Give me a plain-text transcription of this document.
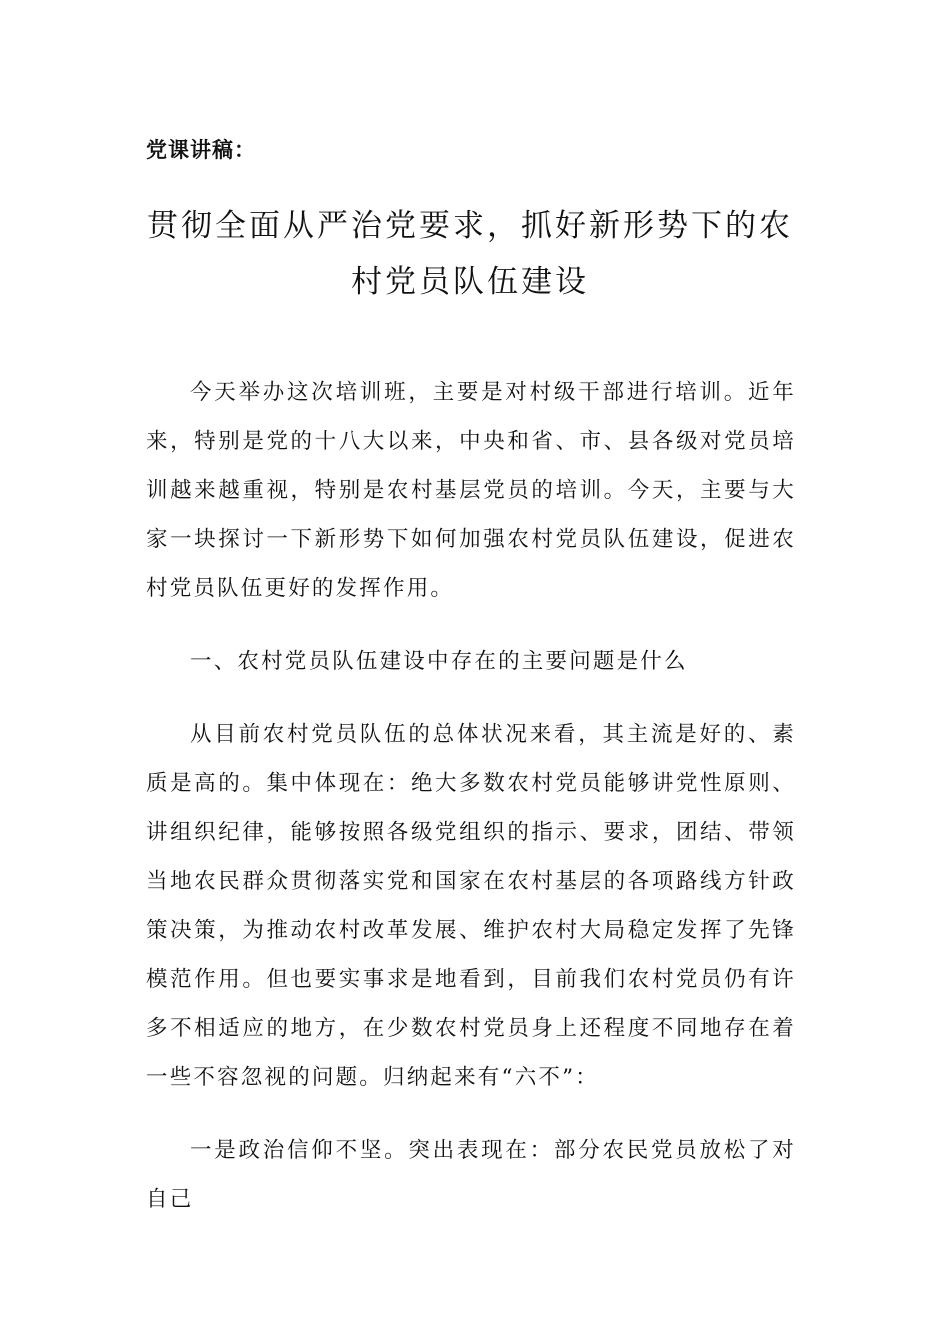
党课讲稿：

贯彻全面从严治党要求，抓好新形势下的农村党员队伍建设

今天举办这次培训班，主要是对村级干部进行培训。近年来，特别是党的十八大以来，中央和省、市、县各级对党员培训越来越重视，特别是农村基层党员的培训。今天，主要与大家一块探讨一下新形势下如何加强农村党员队伍建设，促进农村党员队伍更好的发挥作用。

一、农村党员队伍建设中存在的主要问题是什么

从目前农村党员队伍的总体状况来看，其主流是好的、素质是高的。集中体现在：绝大多数农村党员能够讲党性原则、讲组织纪律，能够按照各级党组织的指示、要求，团结、带领当地农民群众贯彻落实党和国家在农村基层的各项路线方针政策决策，为推动农村改革发展、维护农村大局稳定发挥了先锋模范作用。但也要实事求是地看到，目前我们农村党员仍有许多不相适应的地方，在少数农村党员身上还程度不同地存在着一些不容忽视的问题。归纳起来有“六不”：

一是政治信仰不坚。突出表现在：部分农民党员放松了对自己
